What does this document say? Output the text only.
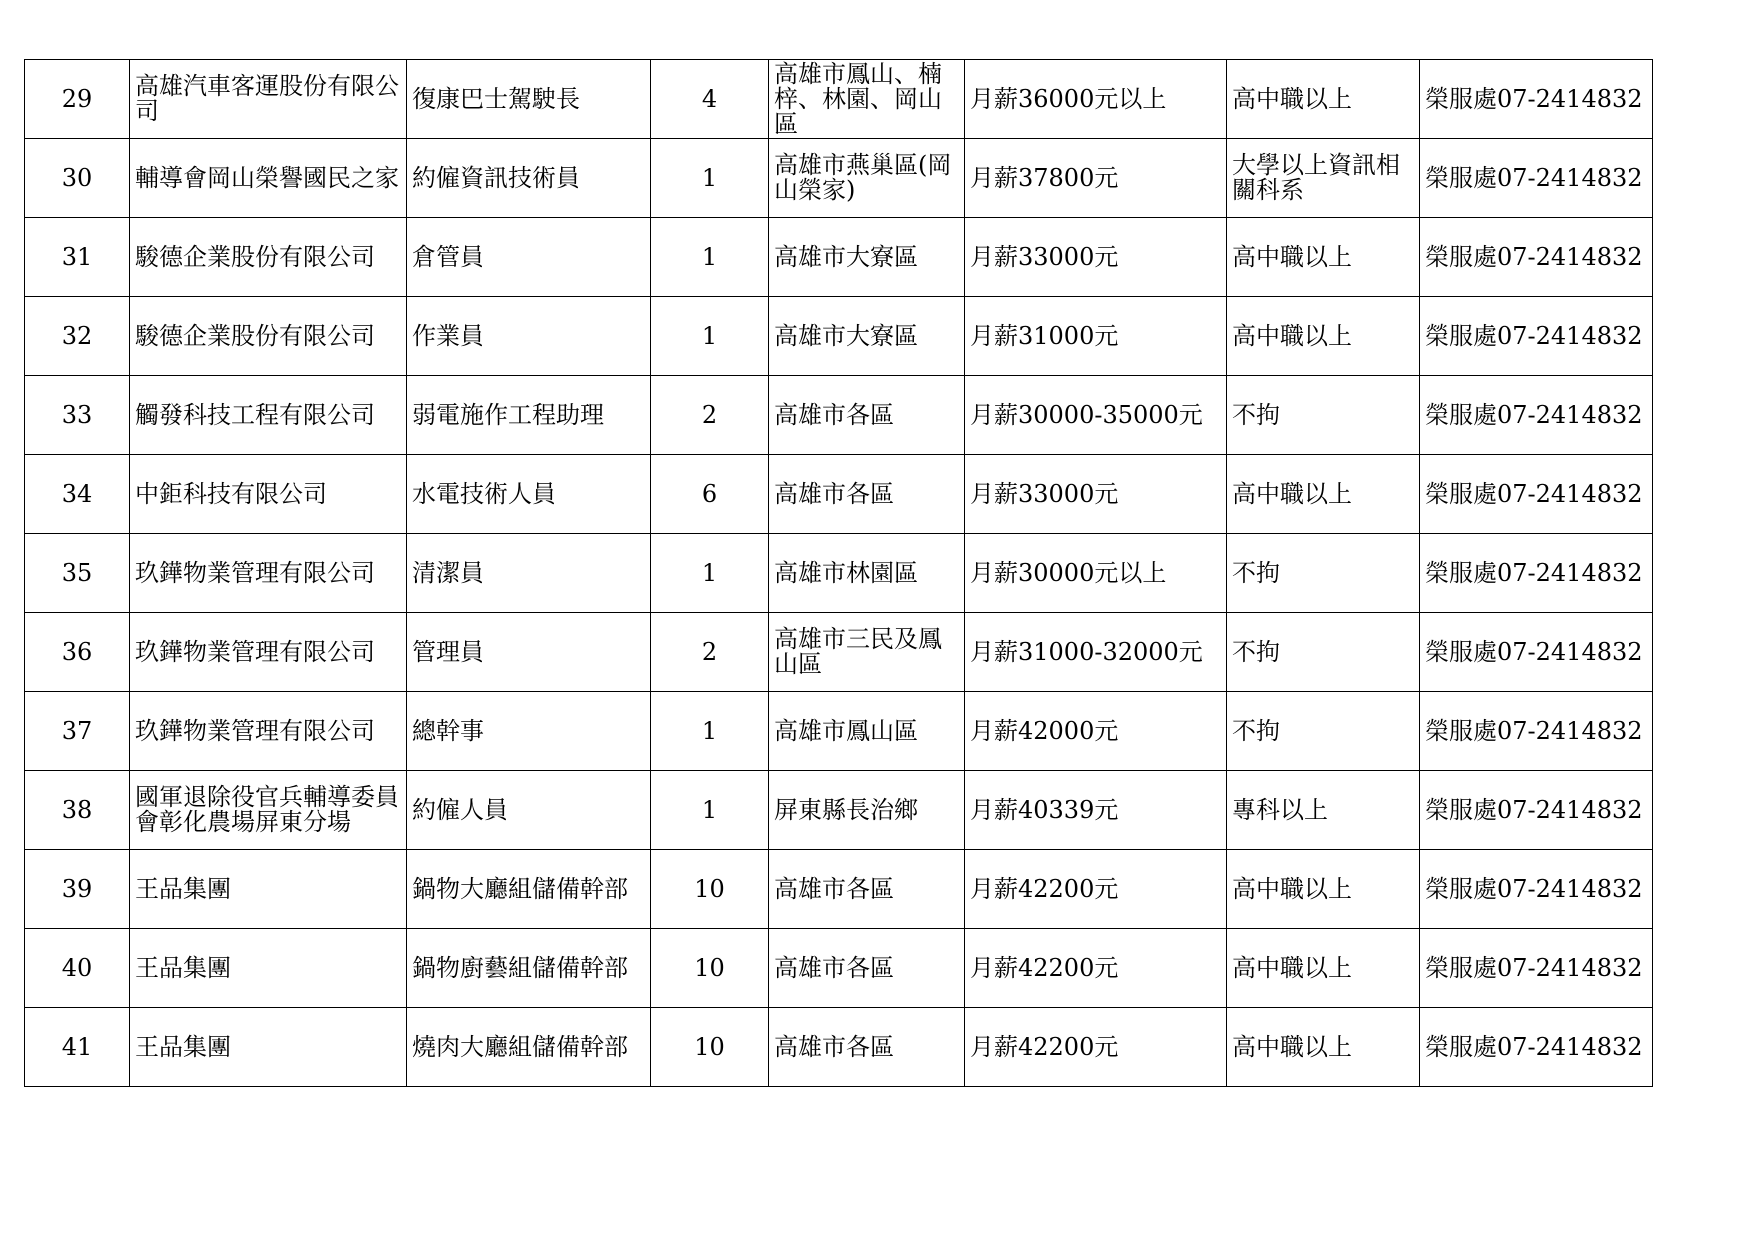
29	高雄汽車客運股份有限公司	復康巴士駕駛長	4	高雄市鳳山、楠梓、林園、岡山區	月薪36000元以上	高中職以上	榮服處07-2414832
30	輔導會岡山榮譽國民之家	約僱資訊技術員	1	高雄市燕巢區(岡山榮家)	月薪37800元	大學以上資訊相關科系	榮服處07-2414832
31	駿德企業股份有限公司	倉管員	1	高雄市大寮區	月薪33000元	高中職以上	榮服處07-2414832
32	駿德企業股份有限公司	作業員	1	高雄市大寮區	月薪31000元	高中職以上	榮服處07-2414832
33	觸發科技工程有限公司	弱電施作工程助理	2	高雄市各區	月薪30000-35000元	不拘	榮服處07-2414832
34	中鉅科技有限公司	水電技術人員	6	高雄市各區	月薪33000元	高中職以上	榮服處07-2414832
35	玖鏵物業管理有限公司	清潔員	1	高雄市林園區	月薪30000元以上	不拘	榮服處07-2414832
36	玖鏵物業管理有限公司	管理員	2	高雄市三民及鳳山區	月薪31000-32000元	不拘	榮服處07-2414832
37	玖鏵物業管理有限公司	總幹事	1	高雄市鳳山區	月薪42000元	不拘	榮服處07-2414832
38	國軍退除役官兵輔導委員會彰化農場屏東分場	約僱人員	1	屏東縣長治鄉	月薪40339元	專科以上	榮服處07-2414832
39	王品集團	鍋物大廳組儲備幹部	10	高雄市各區	月薪42200元	高中職以上	榮服處07-2414832
40	王品集團	鍋物廚藝組儲備幹部	10	高雄市各區	月薪42200元	高中職以上	榮服處07-2414832
41	王品集團	燒肉大廳組儲備幹部	10	高雄市各區	月薪42200元	高中職以上	榮服處07-2414832
